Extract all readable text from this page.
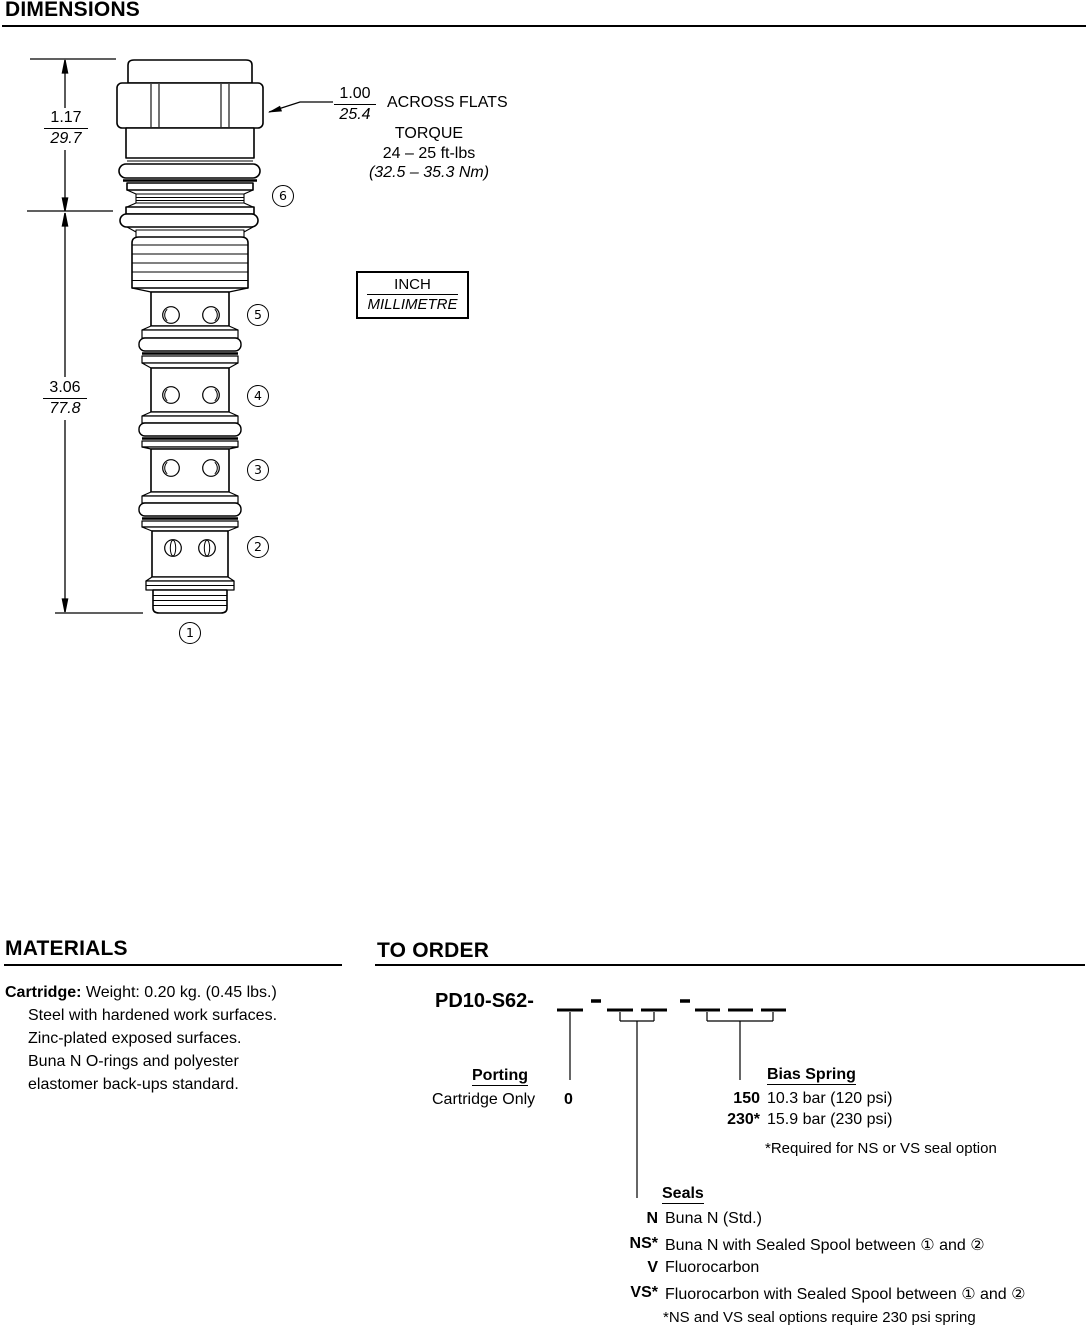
DIMENSIONS
$\frac{1.17}{29.7}$
$\frac{3.06}{77.8}$
$\frac{1.00}{25.4}$ ACROSS FLATS
TORQUE
24 – 25 ft-lbs
(32.5 – 35.3 Nm)
INCH
MILLIMETRE
6
5
4
3
2
1
MATERIALS
Cartridge: Weight: 0.20 kg. (0.45 lbs.)
Steel with hardened work surfaces.
Zinc-plated exposed surfaces.
Buna N O-rings and polyester
elastomer back-ups standard.
TO ORDER
PD10-S62-
Porting
Cartridge Only 0
Bias Spring
150 10.3 bar (120 psi)
230* 15.9 bar (230 psi)
*Required for NS or VS seal option
Seals
N Buna N (Std.)
NS* Buna N with Sealed Spool between ① and ②
V Fluorocarbon
VS* Fluorocarbon with Sealed Spool between ① and ②
*NS and VS seal options require 230 psi spring
